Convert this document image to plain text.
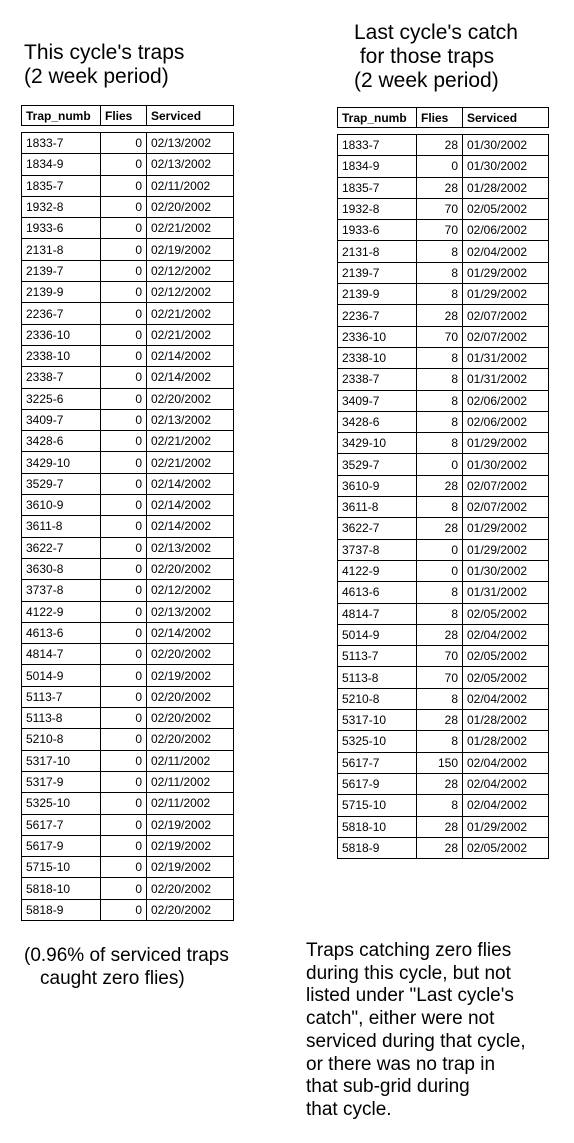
This cycle's traps
(2 week period)
Last cycle's catch
for those traps
(2 week period)
Trap_numb	Flies	Serviced

1833-7	0	02/13/2002
1834-9	0	02/13/2002
1835-7	0	02/11/2002
1932-8	0	02/20/2002
1933-6	0	02/21/2002
2131-8	0	02/19/2002
2139-7	0	02/12/2002
2139-9	0	02/12/2002
2236-7	0	02/21/2002
2336-10	0	02/21/2002
2338-10	0	02/14/2002
2338-7	0	02/14/2002
3225-6	0	02/20/2002
3409-7	0	02/13/2002
3428-6	0	02/21/2002
3429-10	0	02/21/2002
3529-7	0	02/14/2002
3610-9	0	02/14/2002
3611-8	0	02/14/2002
3622-7	0	02/13/2002
3630-8	0	02/20/2002
3737-8	0	02/12/2002
4122-9	0	02/13/2002
4613-6	0	02/14/2002
4814-7	0	02/20/2002
5014-9	0	02/19/2002
5113-7	0	02/20/2002
5113-8	0	02/20/2002
5210-8	0	02/20/2002
5317-10	0	02/11/2002
5317-9	0	02/11/2002
5325-10	0	02/11/2002
5617-7	0	02/19/2002
5617-9	0	02/19/2002
5715-10	0	02/19/2002
5818-10	0	02/20/2002
5818-9	0	02/20/2002
Trap_numb	Flies	Serviced

1833-7	28	01/30/2002
1834-9	0	01/30/2002
1835-7	28	01/28/2002
1932-8	70	02/05/2002
1933-6	70	02/06/2002
2131-8	8	02/04/2002
2139-7	8	01/29/2002
2139-9	8	01/29/2002
2236-7	28	02/07/2002
2336-10	70	02/07/2002
2338-10	8	01/31/2002
2338-7	8	01/31/2002
3409-7	8	02/06/2002
3428-6	8	02/06/2002
3429-10	8	01/29/2002
3529-7	0	01/30/2002
3610-9	28	02/07/2002
3611-8	8	02/07/2002
3622-7	28	01/29/2002
3737-8	0	01/29/2002
4122-9	0	01/30/2002
4613-6	8	01/31/2002
4814-7	8	02/05/2002
5014-9	28	02/04/2002
5113-7	70	02/05/2002
5113-8	70	02/05/2002
5210-8	8	02/04/2002
5317-10	28	01/28/2002
5325-10	8	01/28/2002
5617-7	150	02/04/2002
5617-9	28	02/04/2002
5715-10	8	02/04/2002
5818-10	28	01/29/2002
5818-9	28	02/05/2002

(0.96% of serviced traps
caught zero flies)

Traps catching zero flies
during this cycle, but not
listed under "Last cycle's
catch", either were not
serviced during that cycle,
or there was no trap in
that sub-grid during
that cycle.
